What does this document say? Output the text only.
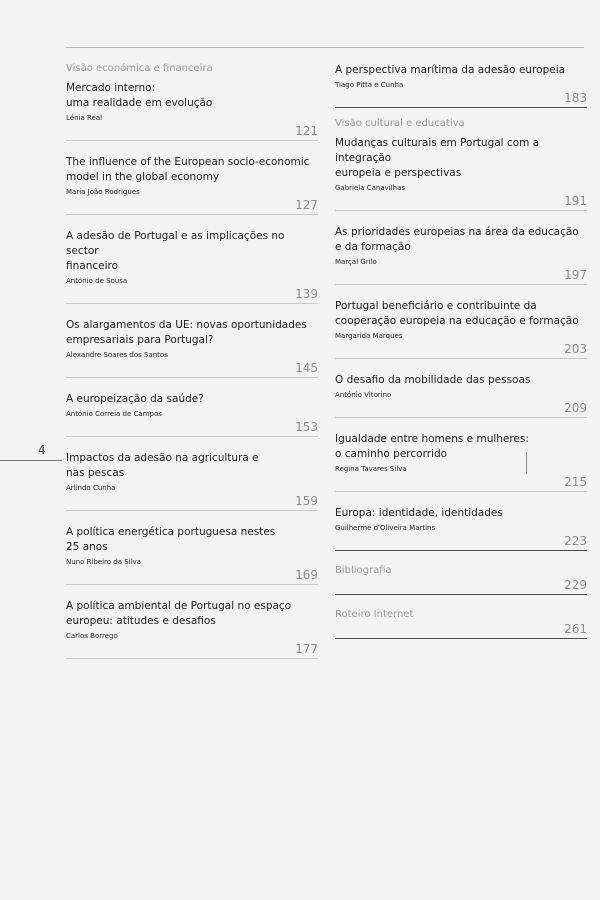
4
Visão económica e financeira
Mercado interno:
uma realidade em evolução
Lénia Real
121
The influence of the European socio-economic
model in the global economy
Maria João Rodrigues
127
A adesão de Portugal e as implicações no sector
financeiro
António de Sousa
139
Os alargamentos da UE: novas oportunidades
empresariais para Portugal?
Alexandre Soares dos Santos
145
A europeização da saúde?
António Correia de Campos
153
Impactos da adesão na agricultura e
nas pescas
Arlindo Cunha
159
A política energética portuguesa nestes
25 anos
Nuno Ribeiro da Silva
169
A política ambiental de Portugal no espaço
europeu: atitudes e desafios
Carlos Borrego
177
A perspectiva marítima da adesão europeia
Tiago Pitta e Cunha
183
Visão cultural e educativa
Mudanças culturais em Portugal com a integração
europeia e perspectivas
Gabriela Canavilhas
191
As prioridades europeias na área da educação
e da formação
Marçal Grilo
197
Portugal beneficiário e contribuinte da
cooperação europeia na educação e formação
Margarida Marques
203
O desafio da mobilidade das pessoas
António Vitorino
209
Igualdade entre homens e mulheres:
o caminho percorrido
Regina Tavares Silva
215
Europa: identidade, identidades
Guilherme d'Oliveira Martins
223
Bibliografia
229
Roteiro Internet
261
